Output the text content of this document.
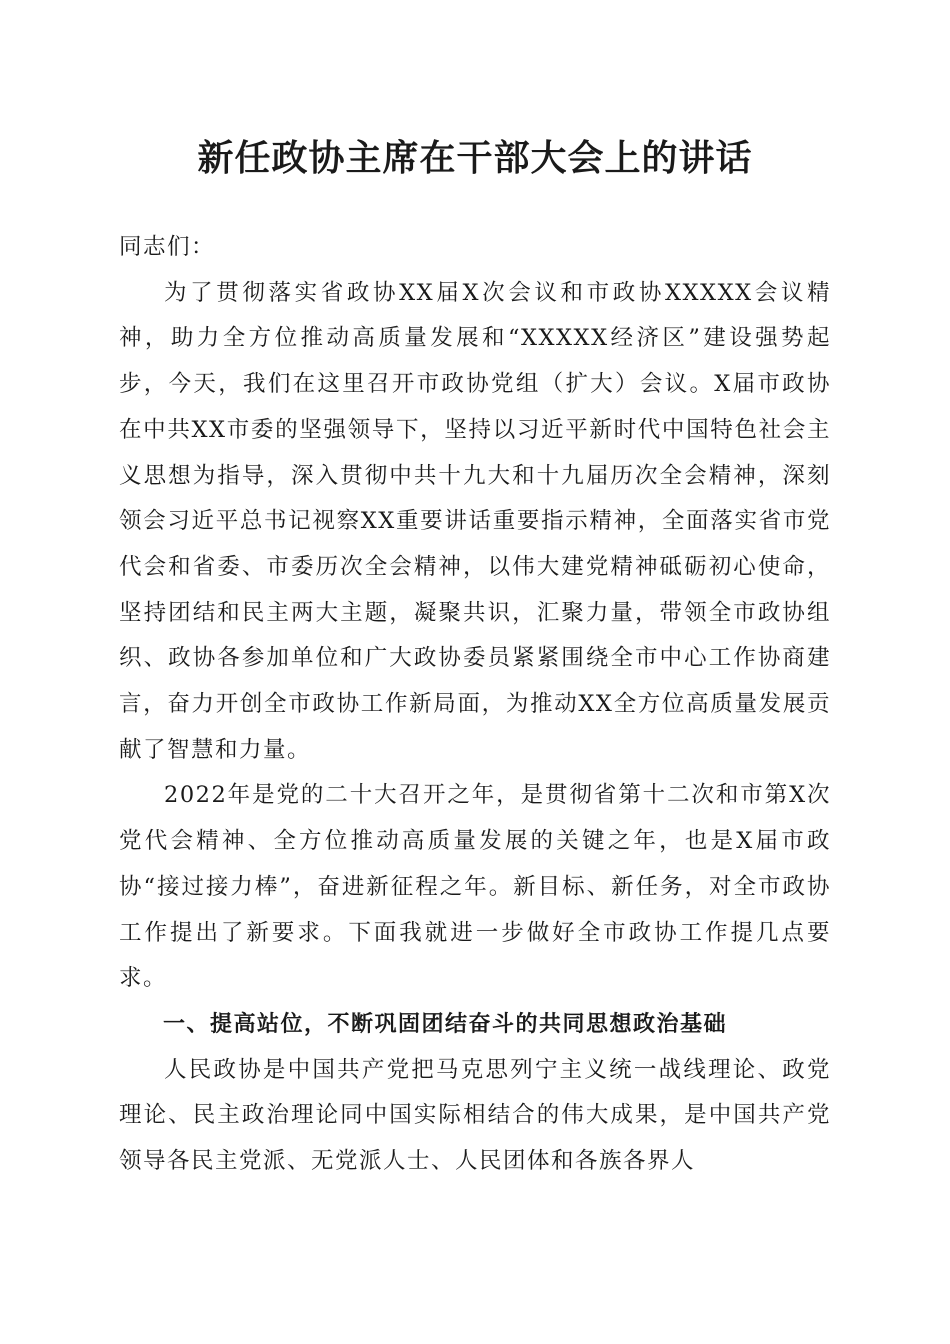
新任政协主席在干部大会上的讲话

同志们：

为了贯彻落实省政协XX届X次会议和市政协XXXXX会议精神，助力全方位推动高质量发展和“XXXXX经济区”建设强势起步，今天，我们在这里召开市政协党组（扩大）会议。X届市政协在中共XX市委的坚强领导下，坚持以习近平新时代中国特色社会主义思想为指导，深入贯彻中共十九大和十九届历次全会精神，深刻领会习近平总书记视察XX重要讲话重要指示精神，全面落实省市党代会和省委、市委历次全会精神，以伟大建党精神砥砺初心使命，坚持团结和民主两大主题，凝聚共识，汇聚力量，带领全市政协组织、政协各参加单位和广大政协委员紧紧围绕全市中心工作协商建言，奋力开创全市政协工作新局面，为推动XX全方位高质量发展贡献了智慧和力量。

2022年是党的二十大召开之年，是贯彻省第十二次和市第X次党代会精神、全方位推动高质量发展的关键之年，也是X届市政协“接过接力棒”，奋进新征程之年。新目标、新任务，对全市政协工作提出了新要求。下面我就进一步做好全市政协工作提几点要求。

一、提高站位，不断巩固团结奋斗的共同思想政治基础

人民政协是中国共产党把马克思列宁主义统一战线理论、政党理论、民主政治理论同中国实际相结合的伟大成果，是中国共产党领导各民主党派、无党派人士、人民团体和各族各界人
